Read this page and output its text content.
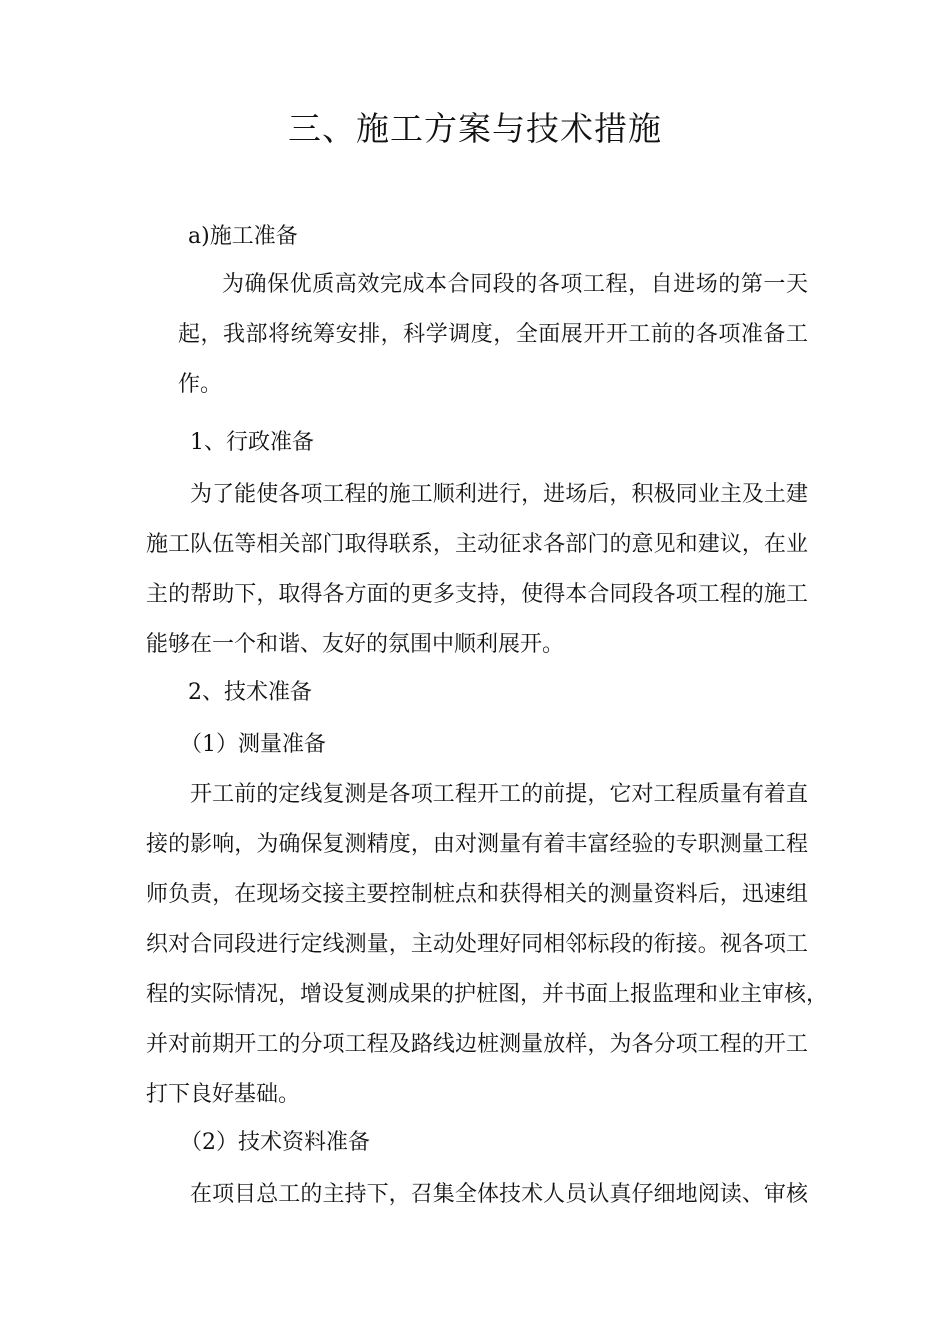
三、施工方案与技术措施
a)施工准备
为确保优质高效完成本合同段的各项工程，自进场的第一天
起，我部将统筹安排，科学调度，全面展开开工前的各项准备工
作。
1、行政准备
为了能使各项工程的施工顺利进行，进场后，积极同业主及土建
施工队伍等相关部门取得联系，主动征求各部门的意见和建议，在业
主的帮助下，取得各方面的更多支持，使得本合同段各项工程的施工
能够在一个和谐、友好的氛围中顺利展开。
2、技术准备
（1）测量准备
开工前的定线复测是各项工程开工的前提，它对工程质量有着直
接的影响，为确保复测精度，由对测量有着丰富经验的专职测量工程
师负责，在现场交接主要控制桩点和获得相关的测量资料后，迅速组
织对合同段进行定线测量，主动处理好同相邻标段的衔接。视各项工
程的实际情况，增设复测成果的护桩图，并书面上报监理和业主审核，
并对前期开工的分项工程及路线边桩测量放样，为各分项工程的开工
打下良好基础。
（2）技术资料准备
在项目总工的主持下，召集全体技术人员认真仔细地阅读、审核
